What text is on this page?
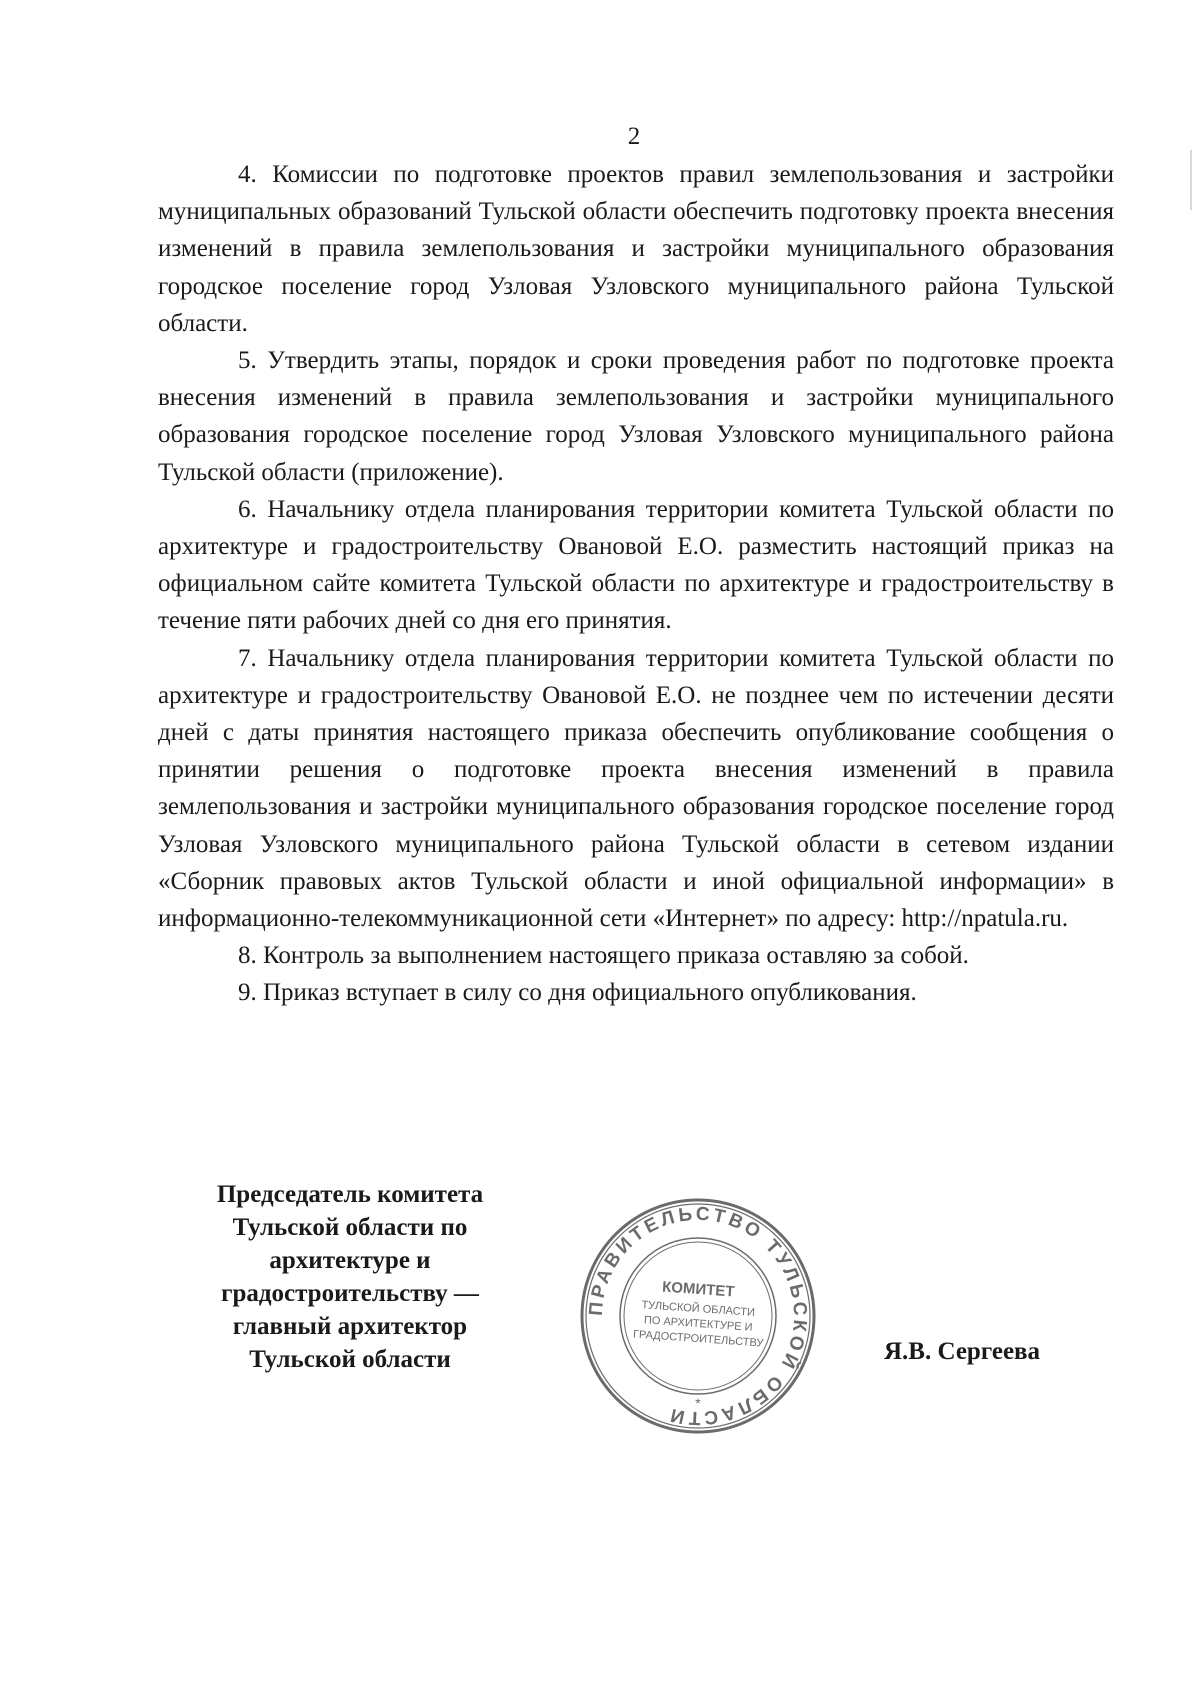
2

4. Комиссии по подготовке проектов правил землепользования и застройки муниципальных образований Тульской области обеспечить подготовку проекта внесения изменений в правила землепользования и застройки муниципального образования городское поселение город Узловая Узловского муниципального района Тульской области.

5. Утвердить этапы, порядок и сроки проведения работ по подготовке проекта внесения изменений в правила землепользования и застройки муниципального образования городское поселение город Узловая Узловского муниципального района Тульской области (приложение).

6. Начальнику отдела планирования территории комитета Тульской области по архитектуре и градостроительству Овановой Е.О. разместить настоящий приказ на официальном сайте комитета Тульской области по архитектуре и градостроительству в течение пяти рабочих дней со дня его принятия.

7. Начальнику отдела планирования территории комитета Тульской области по архитектуре и градостроительству Овановой Е.О. не позднее чем по истечении десяти дней с даты принятия настоящего приказа обеспечить опубликование сообщения о принятии решения о подготовке проекта внесения изменений в правила землепользования и застройки муниципального образования городское поселение город Узловая Узловского муниципального района Тульской области в сетевом издании «Сборник правовых актов Тульской области и иной официальной информации» в информационно-телекоммуникационной сети «Интернет» по адресу: http://npatula.ru.

8. Контроль за выполнением настоящего приказа оставляю за собой.

9. Приказ вступает в силу со дня официального опубликования.

Председатель комитета
Тульской области по
архитектуре и
градостроительству —
главный архитектор
Тульской области
ПРАВИТЕЛЬСТВО ТУЛЬСКОЙ ОБЛАСТИ
КОМИТЕТ
ТУЛЬСКОЙ ОБЛАСТИ
ПО АРХИТЕКТУРЕ И
ГРАДОСТРОИТЕЛЬСТВУ
*
Я.В. Сергеева
